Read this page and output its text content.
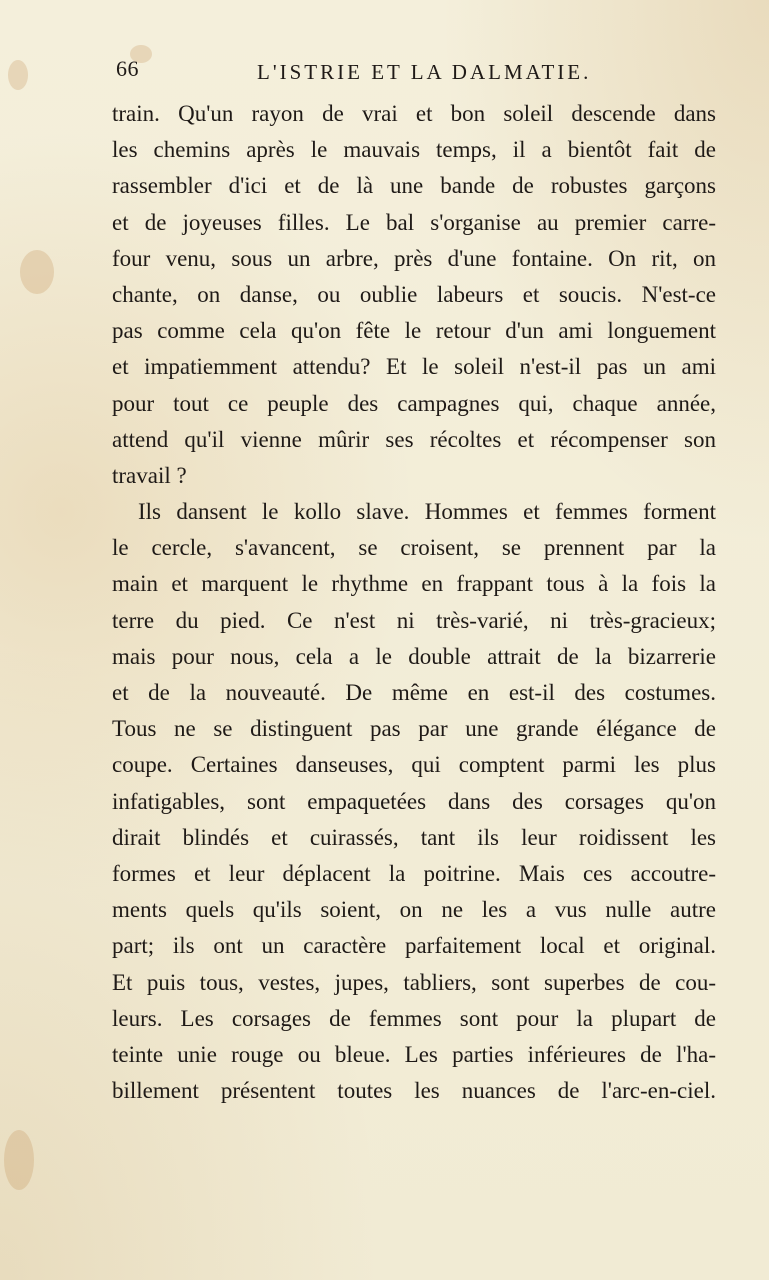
66	L'ISTRIE ET LA DALMATIE.
train. Qu'un rayon de vrai et bon soleil descende dans
les chemins après le mauvais temps, il a bientôt fait de
rassembler d'ici et de là une bande de robustes garçons
et de joyeuses filles. Le bal s'organise au premier carre-
four venu, sous un arbre, près d'une fontaine. On rit, on
chante, on danse, ou oublie labeurs et soucis. N'est-ce
pas comme cela qu'on fête le retour d'un ami longuement
et impatiemment attendu? Et le soleil n'est-il pas un ami
pour tout ce peuple des campagnes qui, chaque année,
attend qu'il vienne mûrir ses récoltes et récompenser son
travail ?
Ils dansent le kollo slave. Hommes et femmes forment
le cercle, s'avancent, se croisent, se prennent par la
main et marquent le rhythme en frappant tous à la fois la
terre du pied. Ce n'est ni très-varié, ni très-gracieux;
mais pour nous, cela a le double attrait de la bizarrerie
et de la nouveauté. De même en est-il des costumes.
Tous ne se distinguent pas par une grande élégance de
coupe. Certaines danseuses, qui comptent parmi les plus
infatigables, sont empaquetées dans des corsages qu'on
dirait blindés et cuirassés, tant ils leur roidissent les
formes et leur déplacent la poitrine. Mais ces accoutre-
ments quels qu'ils soient, on ne les a vus nulle autre
part; ils ont un caractère parfaitement local et original.
Et puis tous, vestes, jupes, tabliers, sont superbes de cou-
leurs. Les corsages de femmes sont pour la plupart de
teinte unie rouge ou bleue. Les parties inférieures de l'ha-
billement présentent toutes les nuances de l'arc-en-ciel.
